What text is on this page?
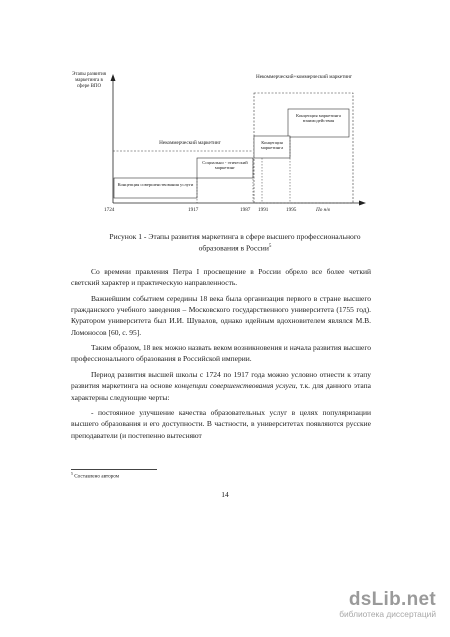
Этапы развития маркетинга в сфере ВПО
Некоммерческий+коммерческий маркетинг
Концепция маркетинга взаимодействия
Некоммерческий маркетинг	Концепция маркетинга
Социально - этический маркетинг
Концепция совершенствования услуги
1724	1917	1987 1991	1995	По н/в
Рисунок 1 - Этапы развития маркетинга в сфере высшего профессионального образования в России$^5$

Со времени правления Петра I просвещение в России обрело все более четкий светский характер и практическую направленность.

Важнейшим событием середины 18 века была организация первого в стране высшего гражданского учебного заведения – Московского государственного университета (1755 год). Куратором университета был И.И. Шувалов, однако идейным вдохновителем являлся М.В. Ломоносов [60, с. 95].

Таким образом, 18 век можно назвать веком возникновения и начала развития высшего профессионального образования в Российской империи.

Период развития высшей школы с 1724 по 1917 года можно условно отнести к этапу развития маркетинга на основе концепции совершенствования услуги, т.к. для данного этапа характерны следующие черты:

- постоянное улучшение качества образовательных услуг в целях популяризации высшего образования и его доступности. В частности, в университетах появляются русские преподаватели (и постепенно вытесняют

$^5$ Составлено автором
14
dsLib.net
библиотека диссертаций
